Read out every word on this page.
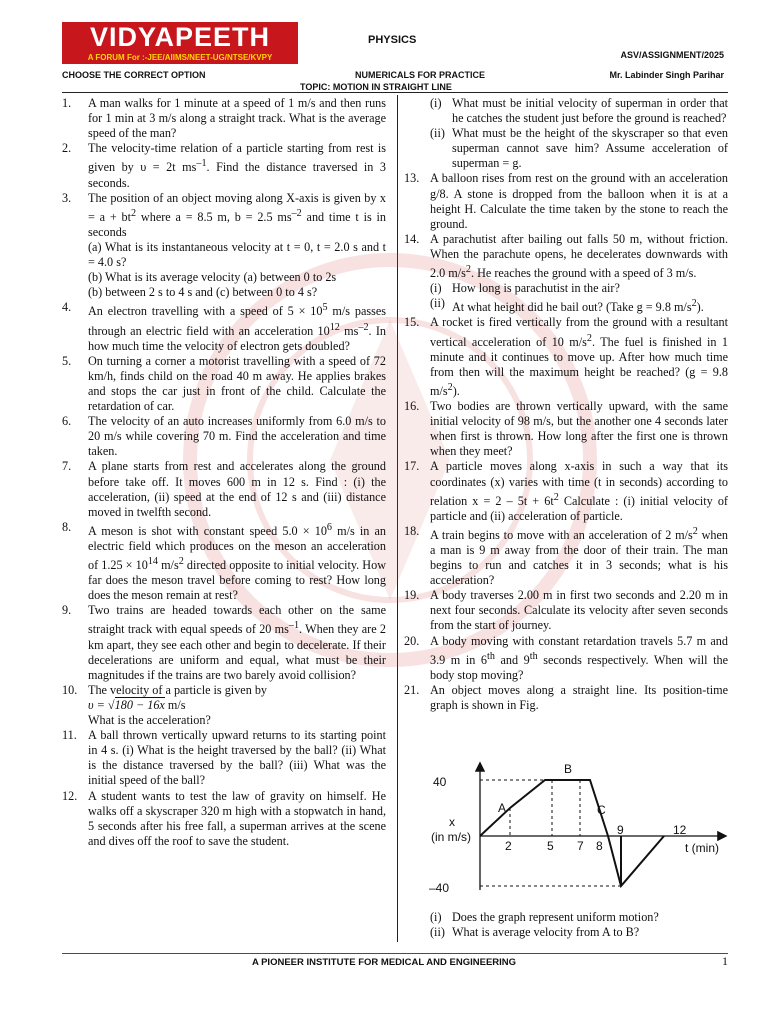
VIDYAPEETH
A FORUM For :-JEE/AIIMS/NEET-UG/NTSE/KVPY
PHYSICS
ASV/ASSIGNMENT/2025
CHOOSE THE CORRECT OPTION	NUMERICALS FOR PRACTICE	Mr. Labinder Singh Parihar
TOPIC: MOTION IN STRAIGHT LINE
1. A man walks for 1 minute at a speed of 1 m/s and then runs for 1 min at 3 m/s along a straight track. What is the average speed of the man?
2. The velocity-time relation of a particle starting from rest is given by υ = 2t $ms^{-1}$. Find the distance traversed in 3 seconds.
3. The position of an object moving along X-axis is given by $x = a + bt^2$ where a = 8.5 m, b = 2.5 $ms^{-2}$ and time t is in seconds
(a) What is its instantaneous velocity at t = 0, t = 2.0 s and t = 4.0 s?
(b) What is its average velocity (a) between 0 to 2s
(b) between 2 s to 4 s and (c) between 0 to 4 s?
4. An electron travelling with a speed of $5 \times 10^5$ m/s passes through an electric field with an acceleration $10^{12}$ $ms^{-2}$. In how much time the velocity of electron gets doubled?
5. On turning a corner a motorist travelling with a speed of 72 km/h, finds child on the road 40 m away. He applies brakes and stops the car just in front of the child. Calculate the retardation of car.
6. The velocity of an auto increases uniformly from 6.0 m/s to 20 m/s while covering 70 m. Find the acceleration and time taken.
7. A plane starts from rest and accelerates along the ground before take off. It moves 600 m in 12 s. Find : (i) the acceleration, (ii) speed at the end of 12 s and (iii) distance moved in twelfth second.
8. A meson is shot with constant speed $5.0 \times 10^6$ m/s in an electric field which produces on the meson an acceleration of $1.25 \times 10^{14}$ $m/s^2$ directed opposite to initial velocity. How far does the meson travel before coming to rest? How long does the meson remain at rest?
9. Two trains are headed towards each other on the same straight track with equal speeds of 20 $ms^{-1}$. When they are 2 km apart, they see each other and begin to decelerate. If their decelerations are uniform and equal, what must be their magnitudes if the trains are two barely avoid collision?
10. The velocity of a particle is given by
υ = √180 − 16x m/s
What is the acceleration?
11. A ball thrown vertically upward returns to its starting point in 4 s. (i) What is the height traversed by the ball? (ii) What is the distance traversed by the ball? (iii) What was the initial speed of the ball?
12. A student wants to test the law of gravity on himself. He walks off a skyscraper 320 m high with a stopwatch in hand, 5 seconds after his free fall, a superman arrives at the scene and dives off the roof to save the student.
(i) What must be initial velocity of superman in order that he catches the student just before the ground is reached?
(ii) What must be the height of the skyscraper so that even superman cannot save him? Assume acceleration of superman = g.
13. A balloon rises from rest on the ground with an acceleration g/8. A stone is dropped from the balloon when it is at a height H. Calculate the time taken by the stone to reach the ground.
14. A parachutist after bailing out falls 50 m, without friction. When the parachute opens, he decelerates downwards with 2.0 $m/s^2$. He reaches the ground with a speed of 3 m/s.
(i) How long is parachutist in the air?
(ii) At what height did he bail out? (Take g = 9.8 $m/s^2$).
15. A rocket is fired vertically from the ground with a resultant vertical acceleration of 10 $m/s^2$. The fuel is finished in 1 minute and it continues to move up. After how much time from then will the maximum height be reached? (g = 9.8 $m/s^2$).
16. Two bodies are thrown vertically upward, with the same initial velocity of 98 m/s, but the another one 4 seconds later when first is thrown. How long after the first one is thrown when they meet?
17. A particle moves along x-axis in such a way that its coordinates (x) varies with time (t in seconds) according to relation $x = 2 - 5t + 6t^2$ Calculate : (i) initial velocity of particle and (ii) acceleration of particle.
18. A train begins to move with an acceleration of 2 $m/s^2$ when a man is 9 m away from the door of their train. The man begins to run and catches it in 3 seconds; what is his acceleration?
19. A body traverses 2.00 m in first two seconds and 2.20 m in next four seconds. Calculate its velocity after seven seconds from the start of journey.
20. A body moving with constant retardation travels 5.7 m and 3.9 m in 6th and 9th seconds respectively. When will the body stop moving?
21. An object moves along a straight line. Its position-time graph is shown in Fig.
40
–40
x
(in m/s)
2	5 7 8
9	12
t (min)
A
B
C
(i) Does the graph represent uniform motion?
(ii) What is average velocity from A to B?
A PIONEER INSTITUTE FOR MEDICAL AND ENGINEERING	1
